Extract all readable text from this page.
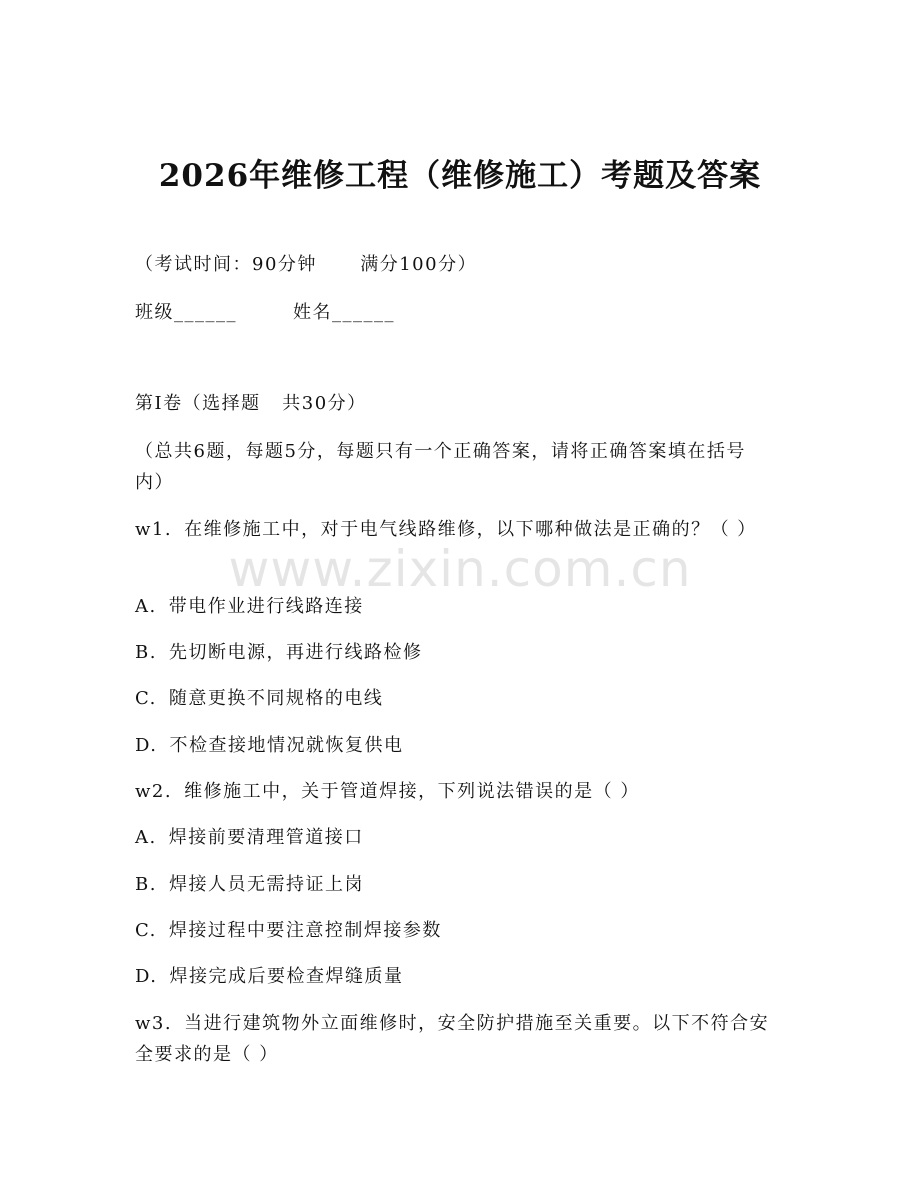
2026年维修工程（维修施工）考题及答案

（考试时间：90分钟      满分100分）

班级______	姓名______

第I卷（选择题   共30分）

（总共6题，每题5分，每题只有一个正确答案，请将正确答案填在括号内）

w1. 在维修施工中，对于电气线路维修，以下哪种做法是正确的？（ ）

A. 带电作业进行线路连接

B. 先切断电源，再进行线路检修

C. 随意更换不同规格的电线

D. 不检查接地情况就恢复供电

w2. 维修施工中，关于管道焊接，下列说法错误的是（ ）

A. 焊接前要清理管道接口

B. 焊接人员无需持证上岗

C. 焊接过程中要注意控制焊接参数

D. 焊接完成后要检查焊缝质量

w3. 当进行建筑物外立面维修时，安全防护措施至关重要。以下不符合安全要求的是（ ）

www.zixin.com.cn
